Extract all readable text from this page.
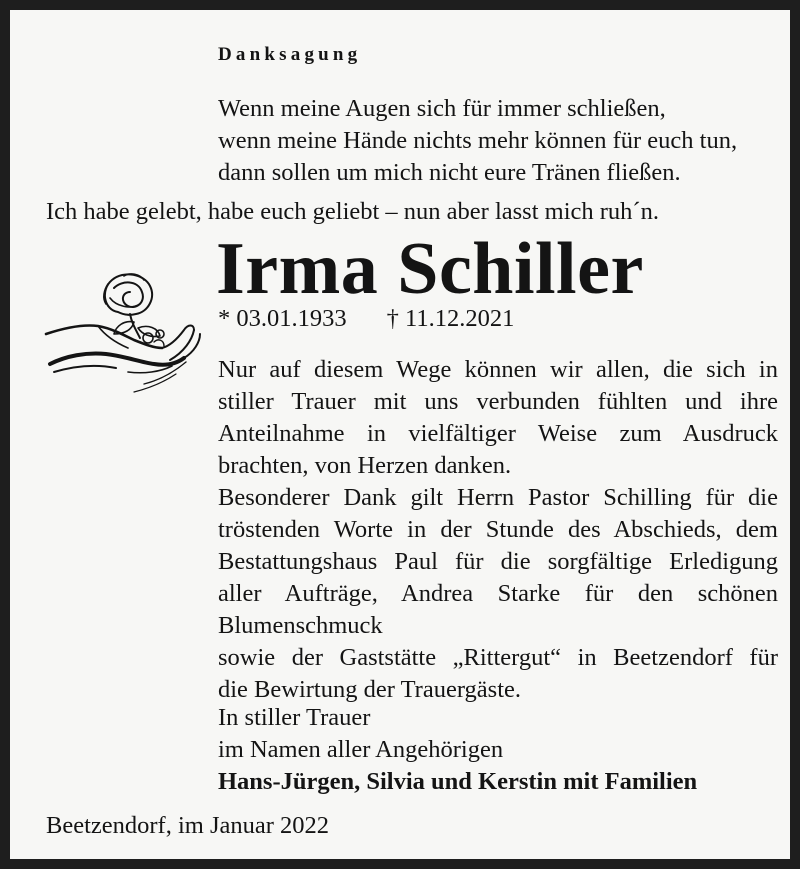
Danksagung
Wenn meine Augen sich für immer schließen,
wenn meine Hände nichts mehr können für euch tun,
dann sollen um mich nicht eure Tränen fließen.
Ich habe gelebt, habe euch geliebt – nun aber lasst mich ruh´n.
Irma Schiller
* 03.01.1933 † 11.12.2021
Nur auf diesem Wege können wir allen, die sich in
stiller Trauer mit uns verbunden fühlten und ihre
Anteilnahme in vielfältiger Weise zum Ausdruck
brachten, von Herzen danken.
Besonderer Dank gilt Herrn Pastor Schilling für die
tröstenden Worte in der Stunde des Abschieds, dem
Bestattungshaus Paul für die sorgfältige Erledigung
aller Aufträge, Andrea Starke für den schönen
Blumenschmuck
sowie der Gaststätte „Rittergut“ in Beetzendorf für
die Bewirtung der Trauergäste.
In stiller Trauer
im Namen aller Angehörigen
Hans-Jürgen, Silvia und Kerstin mit Familien
Beetzendorf, im Januar 2022
